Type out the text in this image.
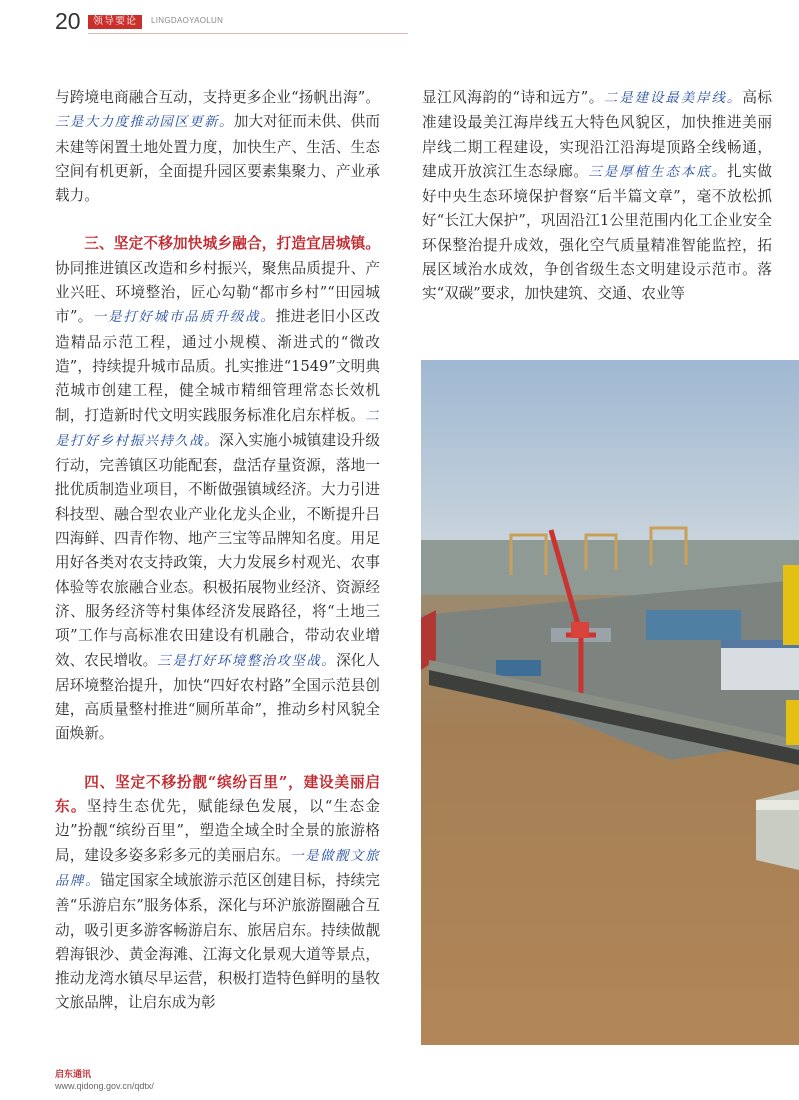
20	领导要论	LINGDAOYAOLUN

与跨境电商融合互动，支持更多企业“扬帆出海”。三是大力度推动园区更新。加大对征而未供、供而未建等闲置土地处置力度，加快生产、生活、生态空间有机更新，全面提升园区要素集聚力、产业承载力。

三、坚定不移加快城乡融合，打造宜居城镇。协同推进镇区改造和乡村振兴，聚焦品质提升、产业兴旺、环境整治，匠心勾勒“都市乡村”“田园城市”。一是打好城市品质升级战。推进老旧小区改造精品示范工程，通过小规模、渐进式的“微改造”，持续提升城市品质。扎实推进“1549”文明典范城市创建工程，健全城市精细管理常态长效机制，打造新时代文明实践服务标准化启东样板。二是打好乡村振兴持久战。深入实施小城镇建设升级行动，完善镇区功能配套，盘活存量资源，落地一批优质制造业项目，不断做强镇域经济。大力引进科技型、融合型农业产业化龙头企业，不断提升吕四海鲜、四青作物、地产三宝等品牌知名度。用足用好各类对农支持政策，大力发展乡村观光、农事体验等农旅融合业态。积极拓展物业经济、资源经济、服务经济等村集体经济发展路径，将“土地三项”工作与高标准农田建设有机融合，带动农业增效、农民增收。三是打好环境整治攻坚战。深化人居环境整治提升，加快“四好农村路”全国示范县创建，高质量整村推进“厕所革命”，推动乡村风貌全面焕新。

四、坚定不移扮靓“缤纷百里”，建设美丽启东。坚持生态优先，赋能绿色发展，以“生态金边”扮靓“缤纷百里”，塑造全域全时全景的旅游格局，建设多姿多彩多元的美丽启东。一是做靓文旅品牌。锚定国家全域旅游示范区创建目标，持续完善“乐游启东”服务体系，深化与环沪旅游圈融合互动，吸引更多游客畅游启东、旅居启东。持续做靓碧海银沙、黄金海滩、江海文化景观大道等景点，推动龙湾水镇尽早运营，积极打造特色鲜明的垦牧文旅品牌，让启东成为彰

显江风海韵的“诗和远方”。二是建设最美岸线。高标准建设最美江海岸线五大特色风貌区，加快推进美丽岸线二期工程建设，实现沿江沿海堤顶路全线畅通，建成开放滨江生态绿廊。三是厚植生态本底。扎实做好中央生态环境保护督察“后半篇文章”，毫不放松抓好“长江大保护”，巩固沿江1公里范围内化工企业安全环保整治提升成效，强化空气质量精准智能监控，拓展区域治水成效，争创省级生态文明建设示范市。落实“双碳”要求，加快建筑、交通、农业等

启东通讯
www.qidong.gov.cn/qdtx/
